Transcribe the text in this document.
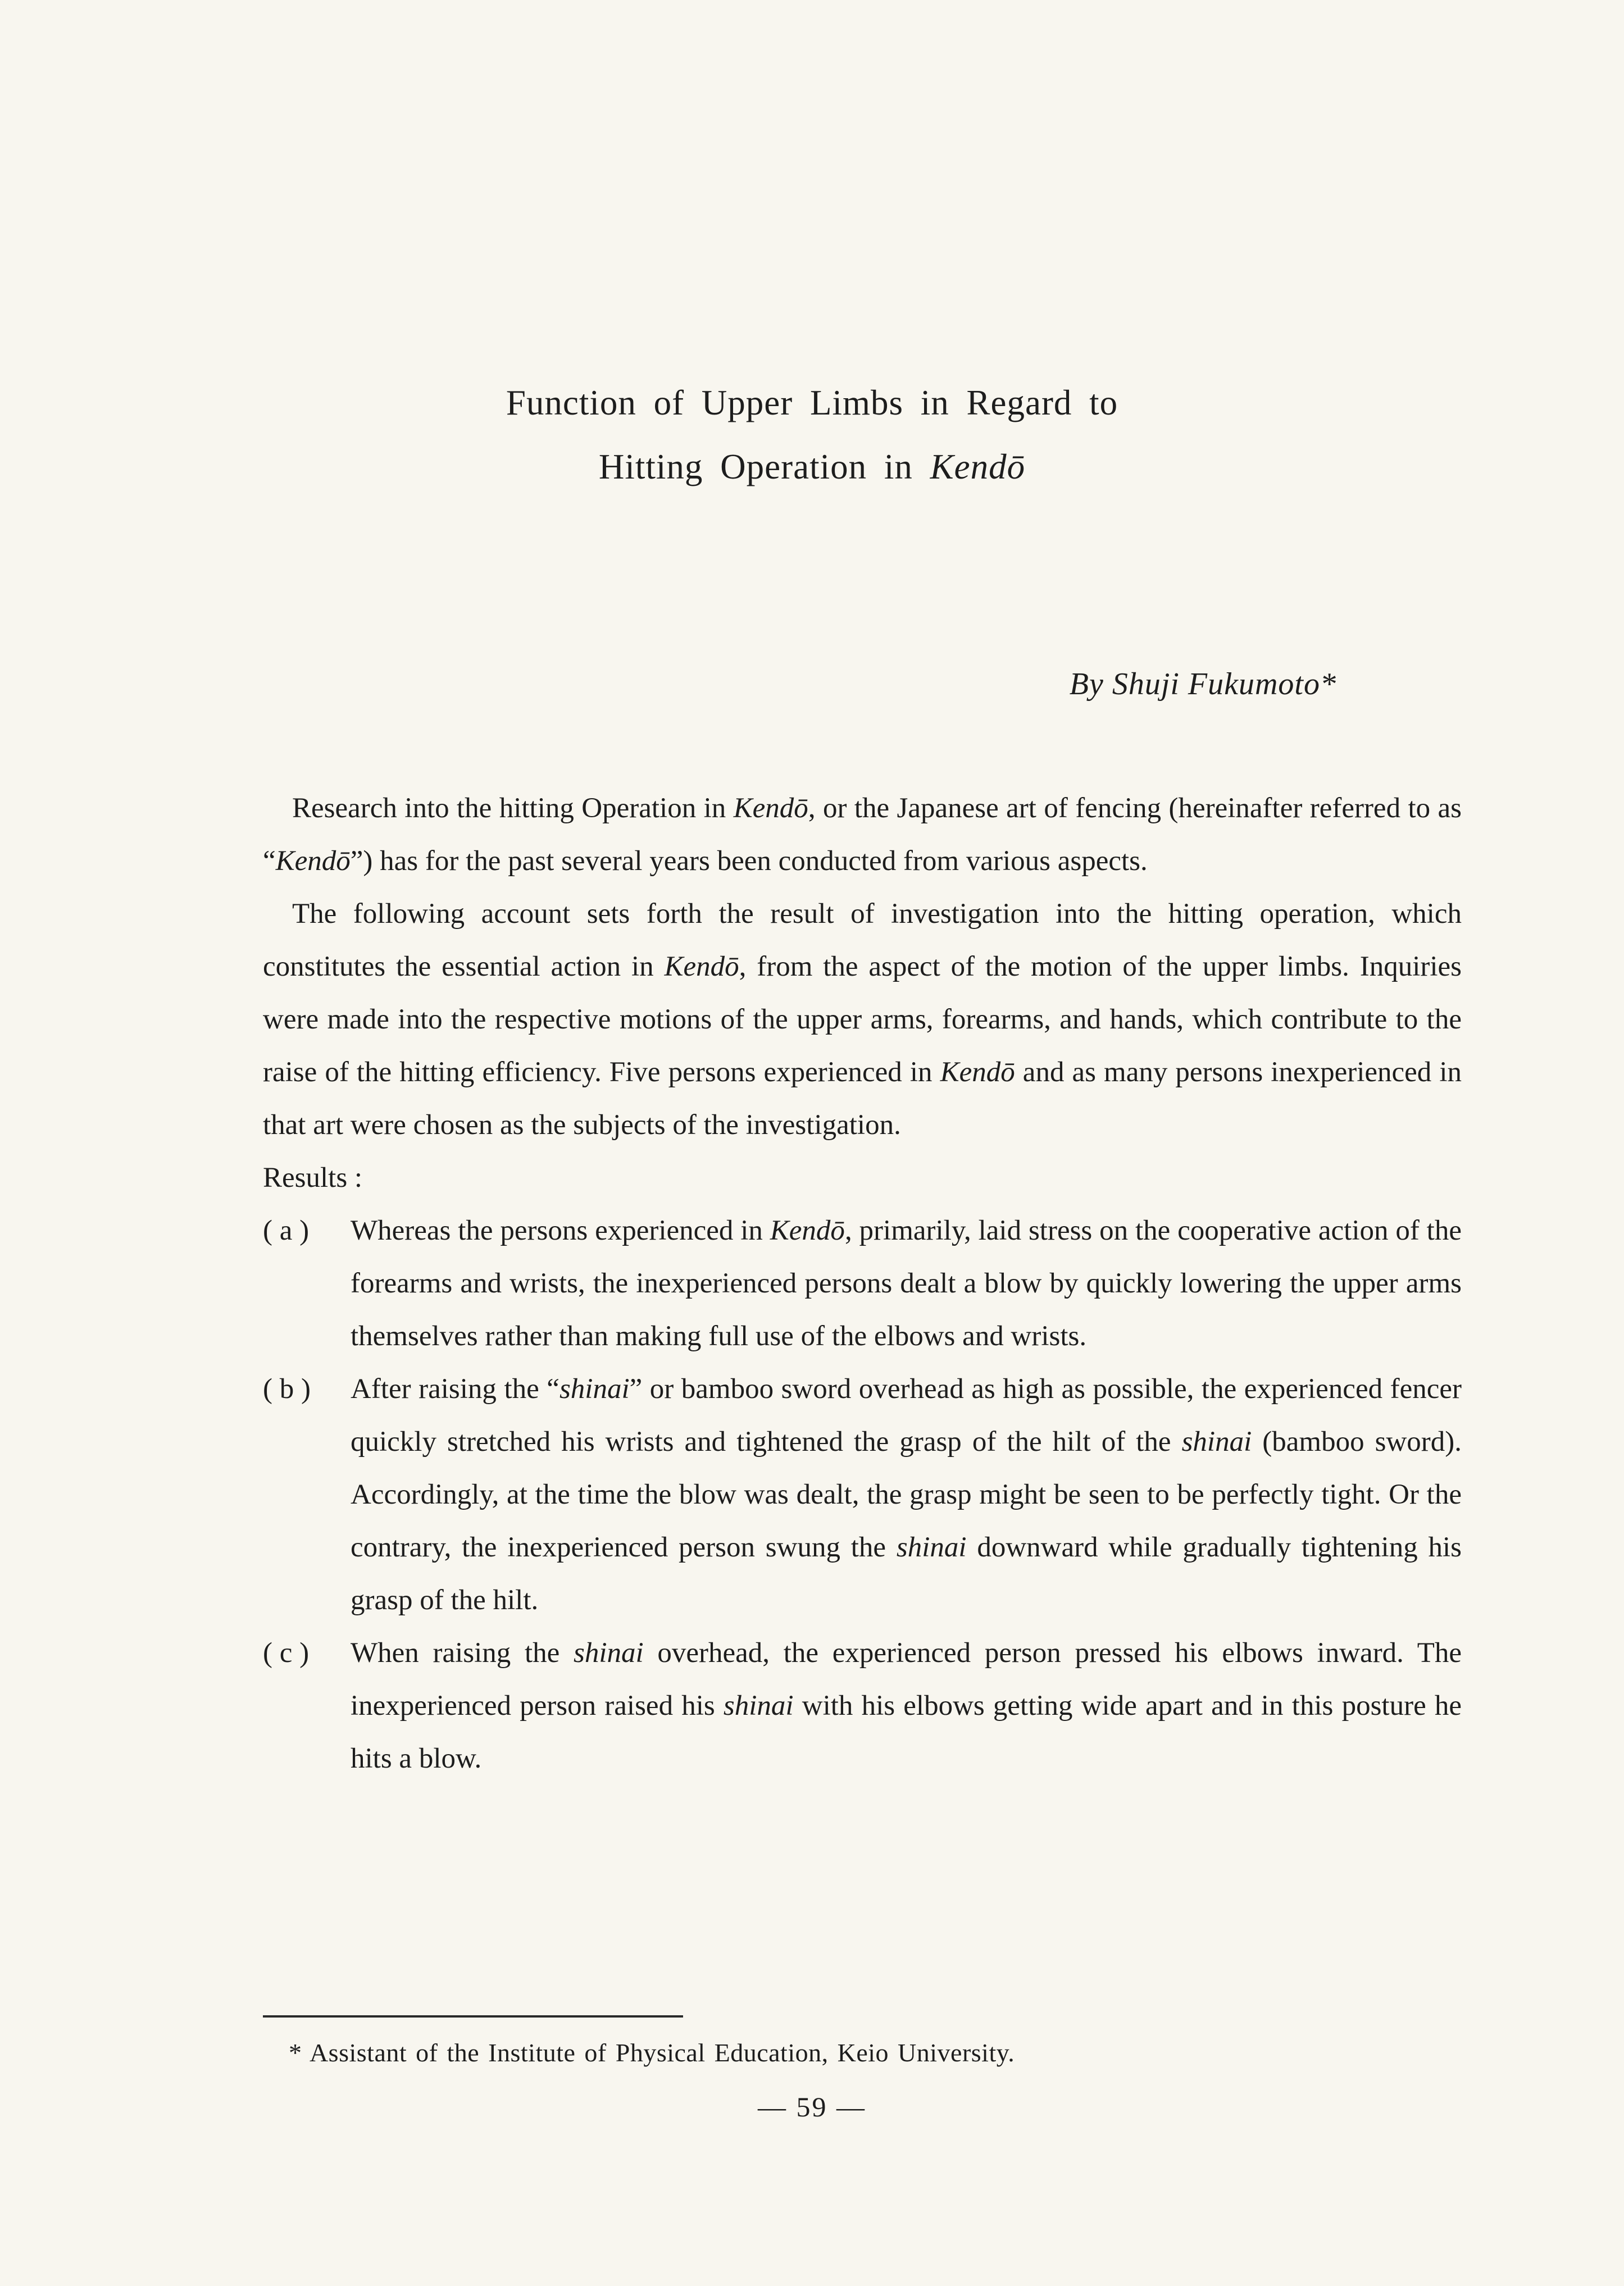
Function of Upper Limbs in Regard to
Hitting Operation in Kendō
By Shuji Fukumoto*

Research into the hitting Operation in Kendō, or the Japanese art of fencing (hereinafter referred to as “Kendō”) has for the past several years been conducted from various aspects.

The following account sets forth the result of investigation into the hitting operation, which constitutes the essential action in Kendō, from the aspect of the motion of the upper limbs. Inquiries were made into the respective motions of the upper arms, forearms, and hands, which contribute to the raise of the hitting efficiency. Five persons experienced in Kendō and as many persons inexperienced in that art were chosen as the subjects of the investigation.

Results :

( a ) Whereas the persons experienced in Kendō, primarily, laid stress on the cooperative action of the forearms and wrists, the inexperienced persons dealt a blow by quickly lowering the upper arms themselves rather than making full use of the elbows and wrists.

( b ) After raising the “shinai” or bamboo sword overhead as high as possible, the experienced fencer quickly stretched his wrists and tightened the grasp of the hilt of the shinai (bamboo sword). Accordingly, at the time the blow was dealt, the grasp might be seen to be perfectly tight. Or the contrary, the inexperienced person swung the shinai downward while gradually tightening his grasp of the hilt.

( c ) When raising the shinai overhead, the experienced person pressed his elbows inward. The inexperienced person raised his shinai with his elbows getting wide apart and in this posture he hits a blow.

* Assistant of the Institute of Physical Education, Keio University.
— 59 —
